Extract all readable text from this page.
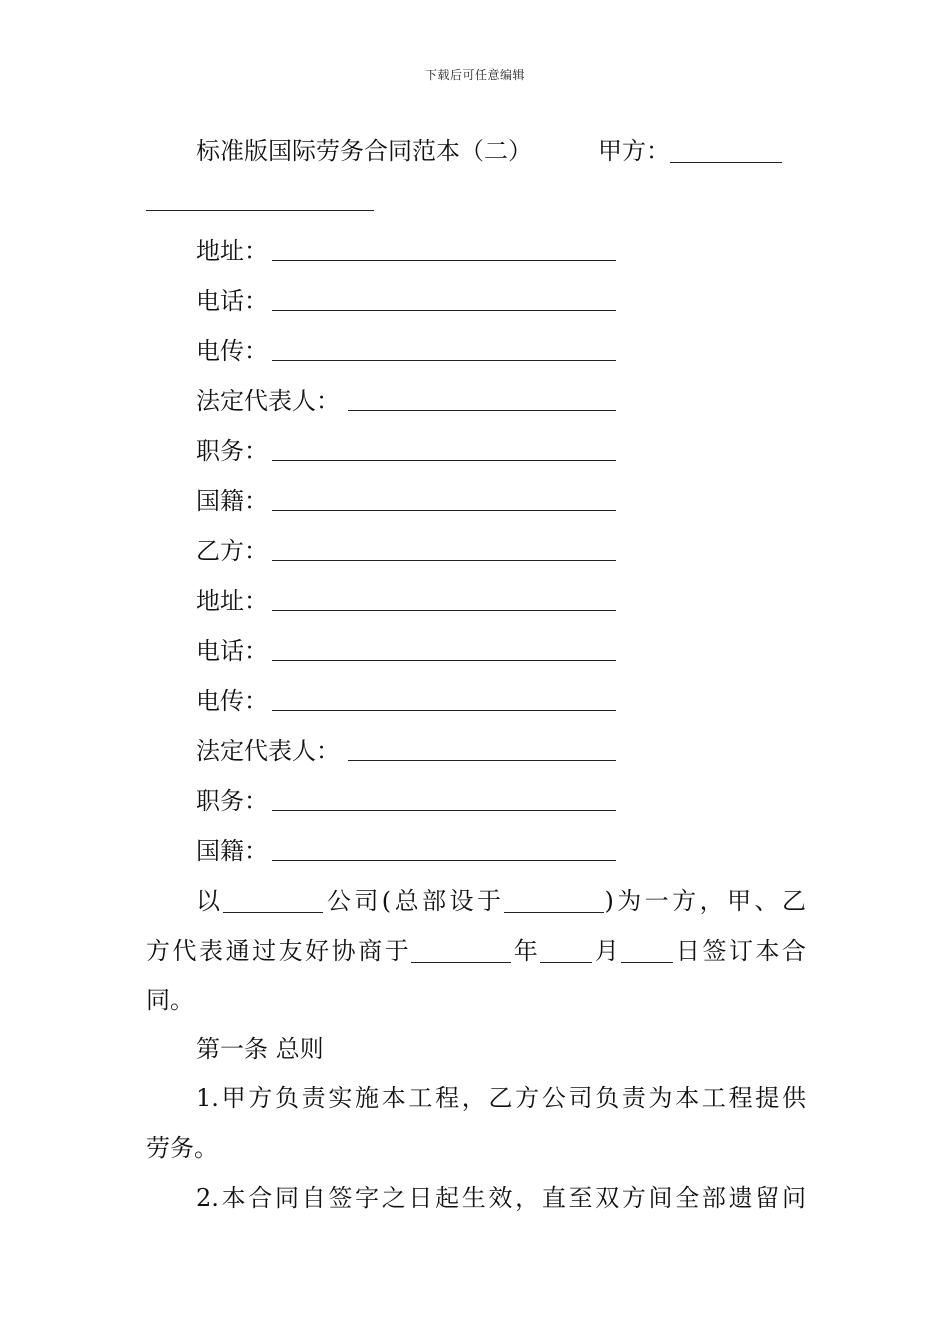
下载后可任意编辑
标准版国际劳务合同范本（二）	甲方：
地址：
电话：
电传：
法定代表人：
职务：
国籍：
乙方：
地址：
电话：
电传：
法定代表人：
职务：
国籍：
以	公司(总部设于	)为一方，甲、乙
方代表通过友好协商于	年 月 日签订本合
同。
第一条 总则
1.甲方负责实施本工程，乙方公司负责为本工程提供
劳务。
2.本合同自签字之日起生效，直至双方间全部遗留问
